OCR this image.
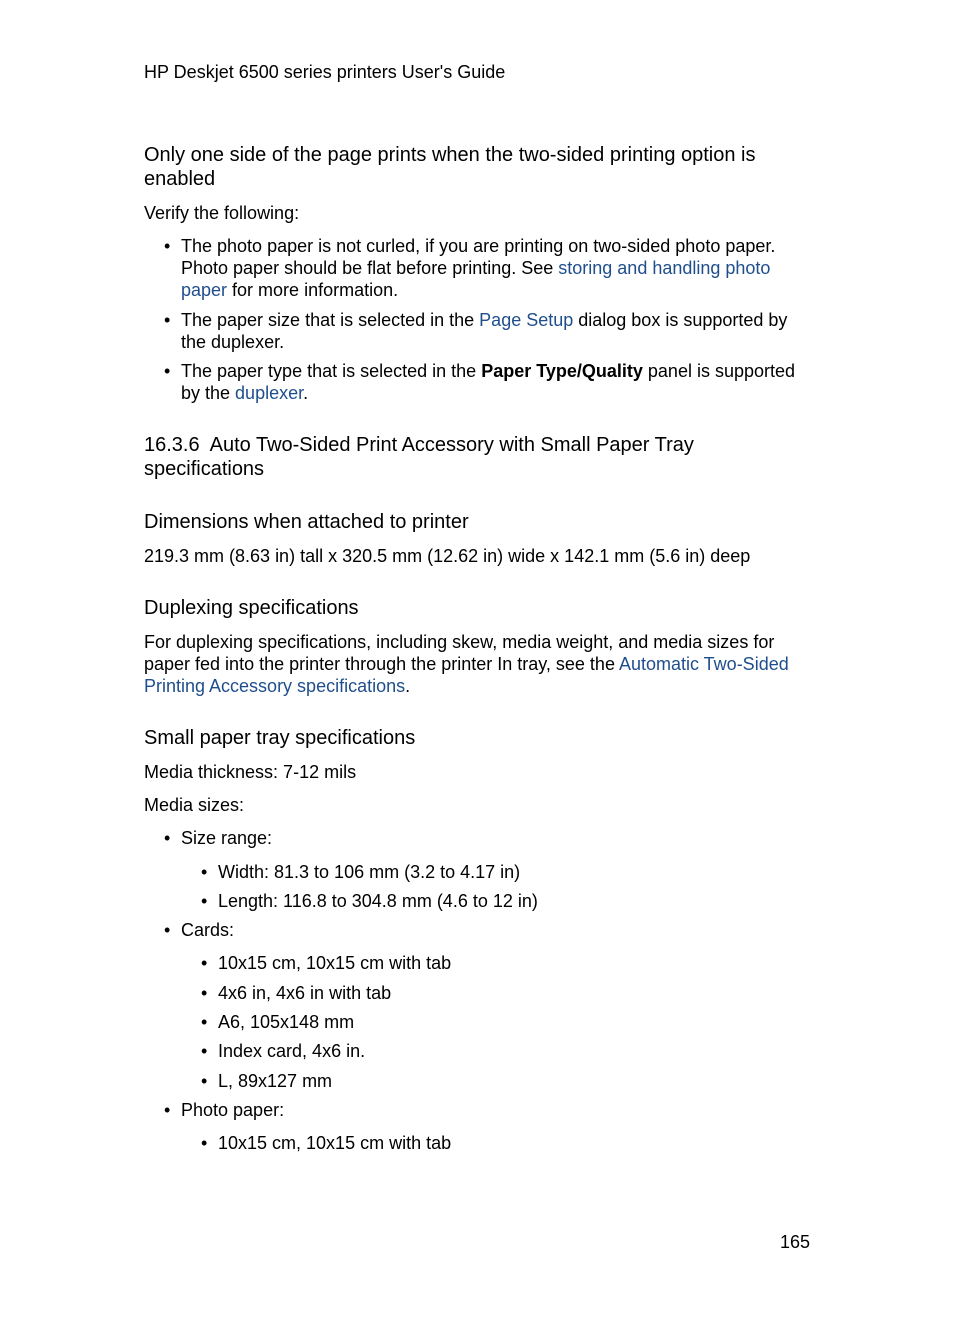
HP Deskjet 6500 series printers User's Guide
Only one side of the page prints when the two-sided printing option is
enabled

Verify the following:

• The photo paper is not curled, if you are printing on two-sided photo paper.
Photo paper should be flat before printing. See storing and handling photo
paper for more information.
• The paper size that is selected in the Page Setup dialog box is supported by
the duplexer.
• The paper type that is selected in the Paper Type/Quality panel is supported
by the duplexer.
16.3.6  Auto Two-Sided Print Accessory with Small Paper Tray
specifications
Dimensions when attached to printer

219.3 mm (8.63 in) tall x 320.5 mm (12.62 in) wide x 142.1 mm (5.6 in) deep

Duplexing specifications

For duplexing specifications, including skew, media weight, and media sizes for

paper fed into the printer through the printer In tray, see the Automatic Two-Sided

Printing Accessory specifications.

Small paper tray specifications

Media thickness: 7-12 mils

Media sizes:

• Size range:
• Width: 81.3 to 106 mm (3.2 to 4.17 in)
• Length: 116.8 to 304.8 mm (4.6 to 12 in)
• Cards:
• 10x15 cm, 10x15 cm with tab
• 4x6 in, 4x6 in with tab
• A6, 105x148 mm
• Index card, 4x6 in.
• L, 89x127 mm
• Photo paper:
• 10x15 cm, 10x15 cm with tab
165
